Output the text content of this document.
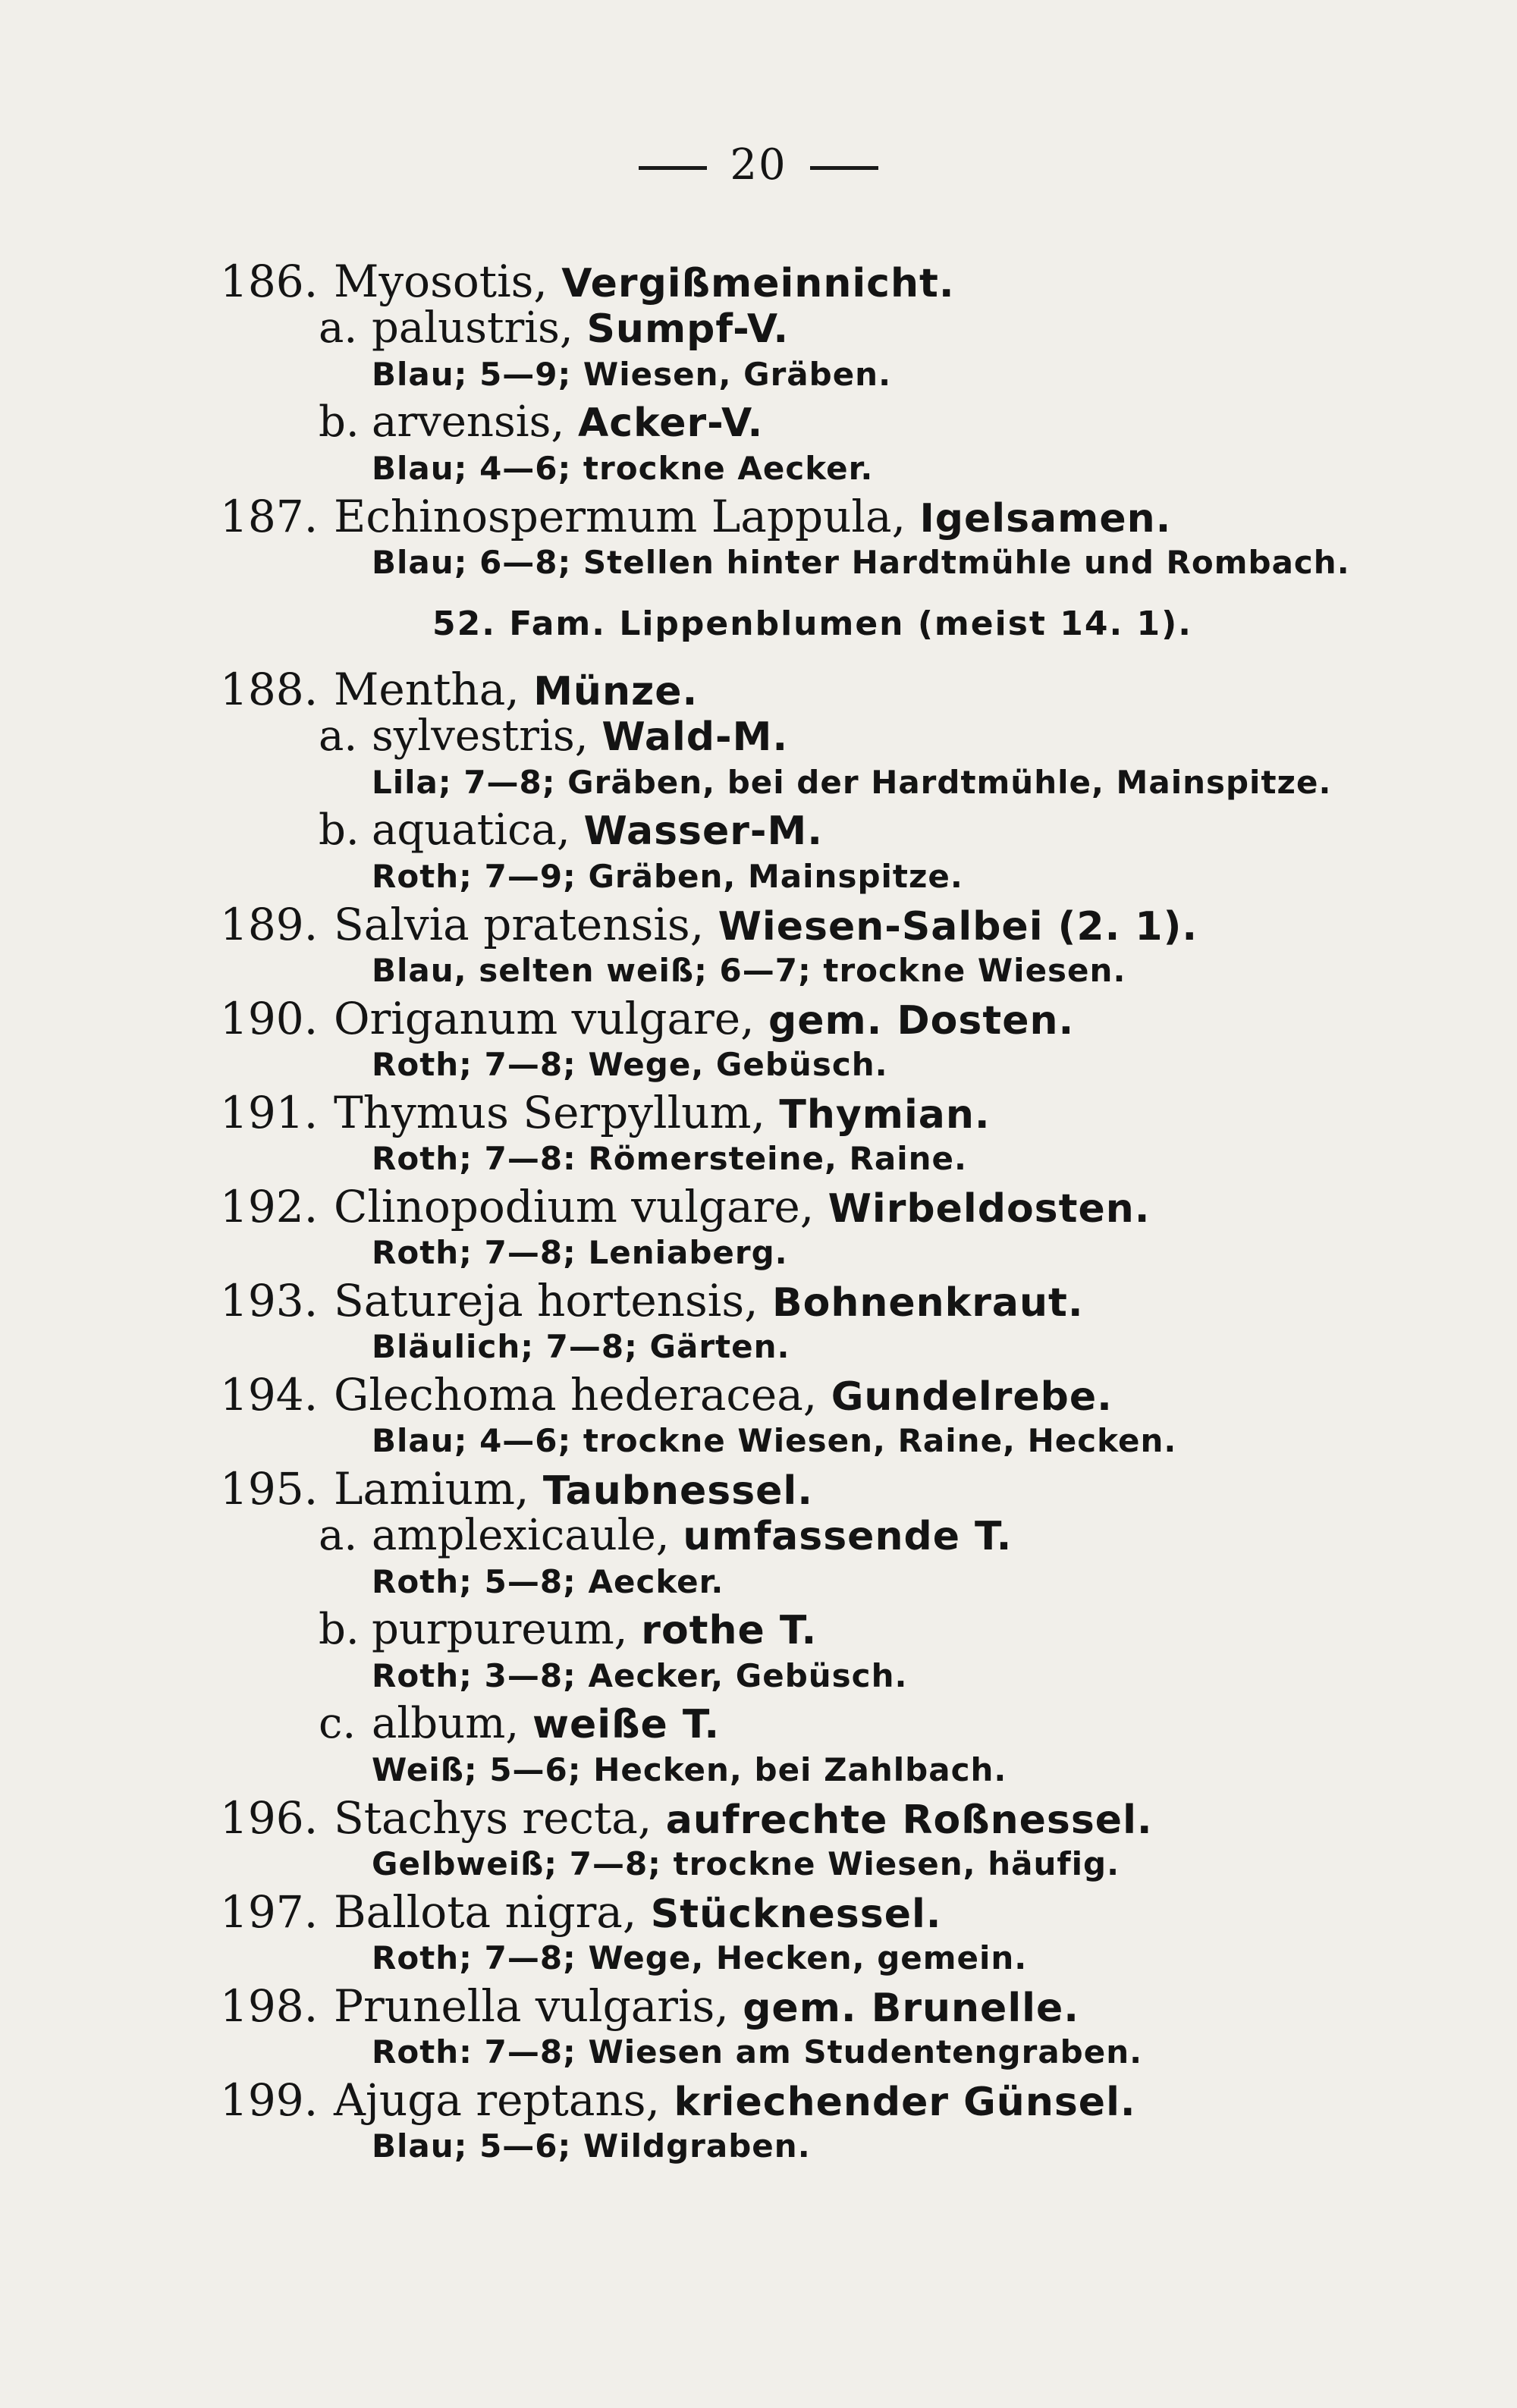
20
186. Myosotis, Vergißmeinnicht.
a. palustris, Sumpf-V.
Blau; 5—9; Wiesen, Gräben.
b. arvensis, Acker-V.
Blau; 4—6; trockne Aecker.
187. Echinospermum Lappula, Igelsamen.
Blau; 6—8; Stellen hinter Hardtmühle und Rombach.
52. Fam. Lippenblumen (meist 14. 1).
188. Mentha, Münze.
a. sylvestris, Wald-M.
Lila; 7—8; Gräben, bei der Hardtmühle, Mainspitze.
b. aquatica, Wasser-M.
Roth; 7—9; Gräben, Mainspitze.
189. Salvia pratensis, Wiesen-Salbei (2. 1).
Blau, selten weiß; 6—7; trockne Wiesen.
190. Origanum vulgare, gem. Dosten.
Roth; 7—8; Wege, Gebüsch.
191. Thymus Serpyllum, Thymian.
Roth; 7—8: Römersteine, Raine.
192. Clinopodium vulgare, Wirbeldosten.
Roth; 7—8; Leniaberg.
193. Satureja hortensis, Bohnenkraut.
Bläulich; 7—8; Gärten.
194. Glechoma hederacea, Gundelrebe.
Blau; 4—6; trockne Wiesen, Raine, Hecken.
195. Lamium, Taubnessel.
a. amplexicaule, umfassende T.
Roth; 5—8; Aecker.
b. purpureum, rothe T.
Roth; 3—8; Aecker, Gebüsch.
c. album, weiße T.
Weiß; 5—6; Hecken, bei Zahlbach.
196. Stachys recta, aufrechte Roßnessel.
Gelbweiß; 7—8; trockne Wiesen, häufig.
197. Ballota nigra, Stücknessel.
Roth; 7—8; Wege, Hecken, gemein.
198. Prunella vulgaris, gem. Brunelle.
Roth: 7—8; Wiesen am Studentengraben.
199. Ajuga reptans, kriechender Günsel.
Blau; 5—6; Wildgraben.
